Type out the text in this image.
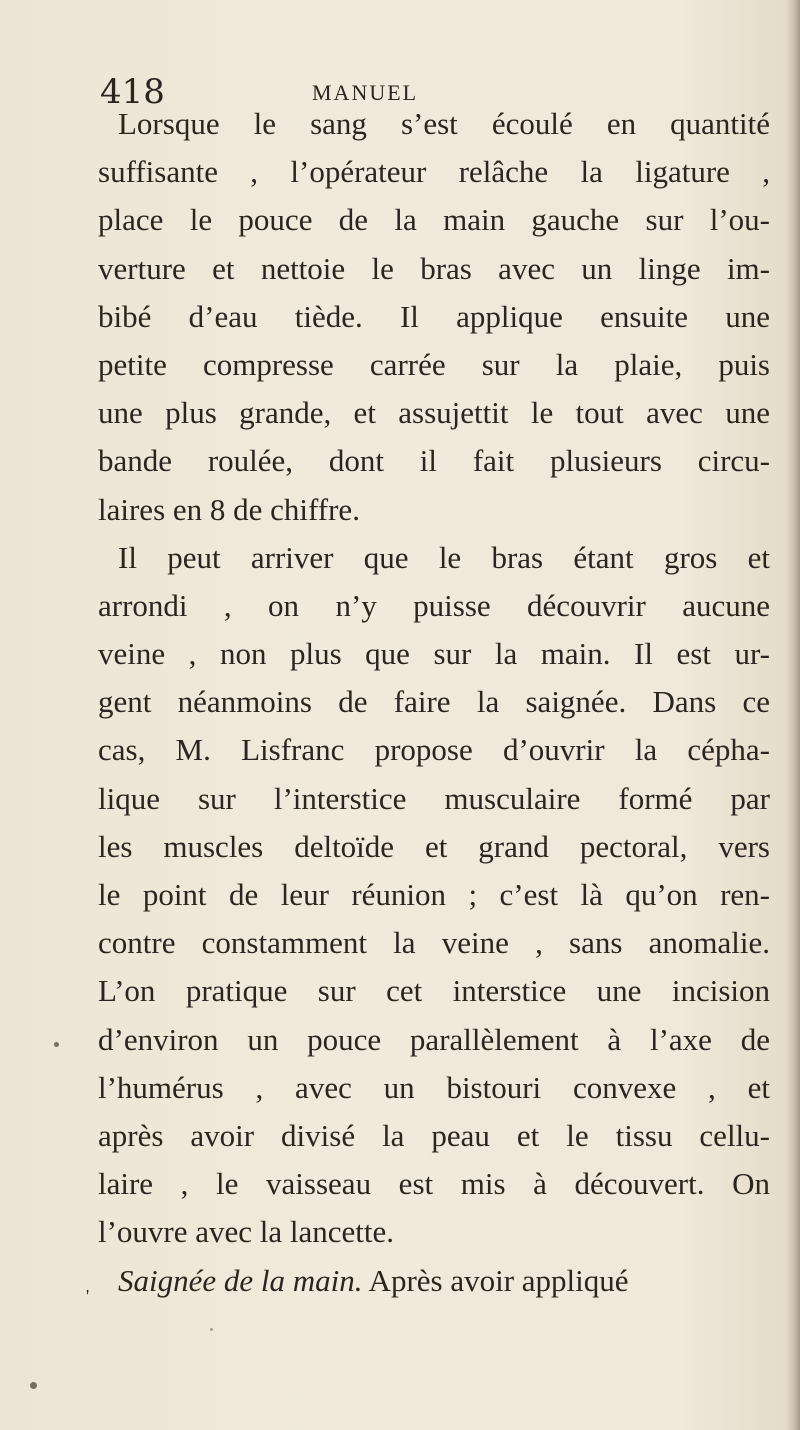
418	MANUEL
Lorsque le sang s’est écoulé en quantité
suffisante , l’opérateur relâche la ligature ,
place le pouce de la main gauche sur l’ou-
verture et nettoie le bras avec un linge im-
bibé d’eau tiède. Il applique ensuite une
petite compresse carrée sur la plaie, puis
une plus grande, et assujettit le tout avec une
bande roulée, dont il fait plusieurs circu-
laires en 8 de chiffre.
Il peut arriver que le bras étant gros et
arrondi , on n’y puisse découvrir aucune
veine , non plus que sur la main. Il est ur-
gent néanmoins de faire la saignée. Dans ce
cas, M. Lisfranc propose d’ouvrir la cépha-
lique sur l’interstice musculaire formé par
les muscles deltoïde et grand pectoral, vers
le point de leur réunion ; c’est là qu’on ren-
contre constamment la veine , sans anomalie.
L’on pratique sur cet interstice une incision
d’environ un pouce parallèlement à l’axe de
l’humérus , avec un bistouri convexe , et
après avoir divisé la peau et le tissu cellu-
laire , le vaisseau est mis à découvert. On
l’ouvre avec la lancette.
Saignée de la main. Après avoir appliqué
'
